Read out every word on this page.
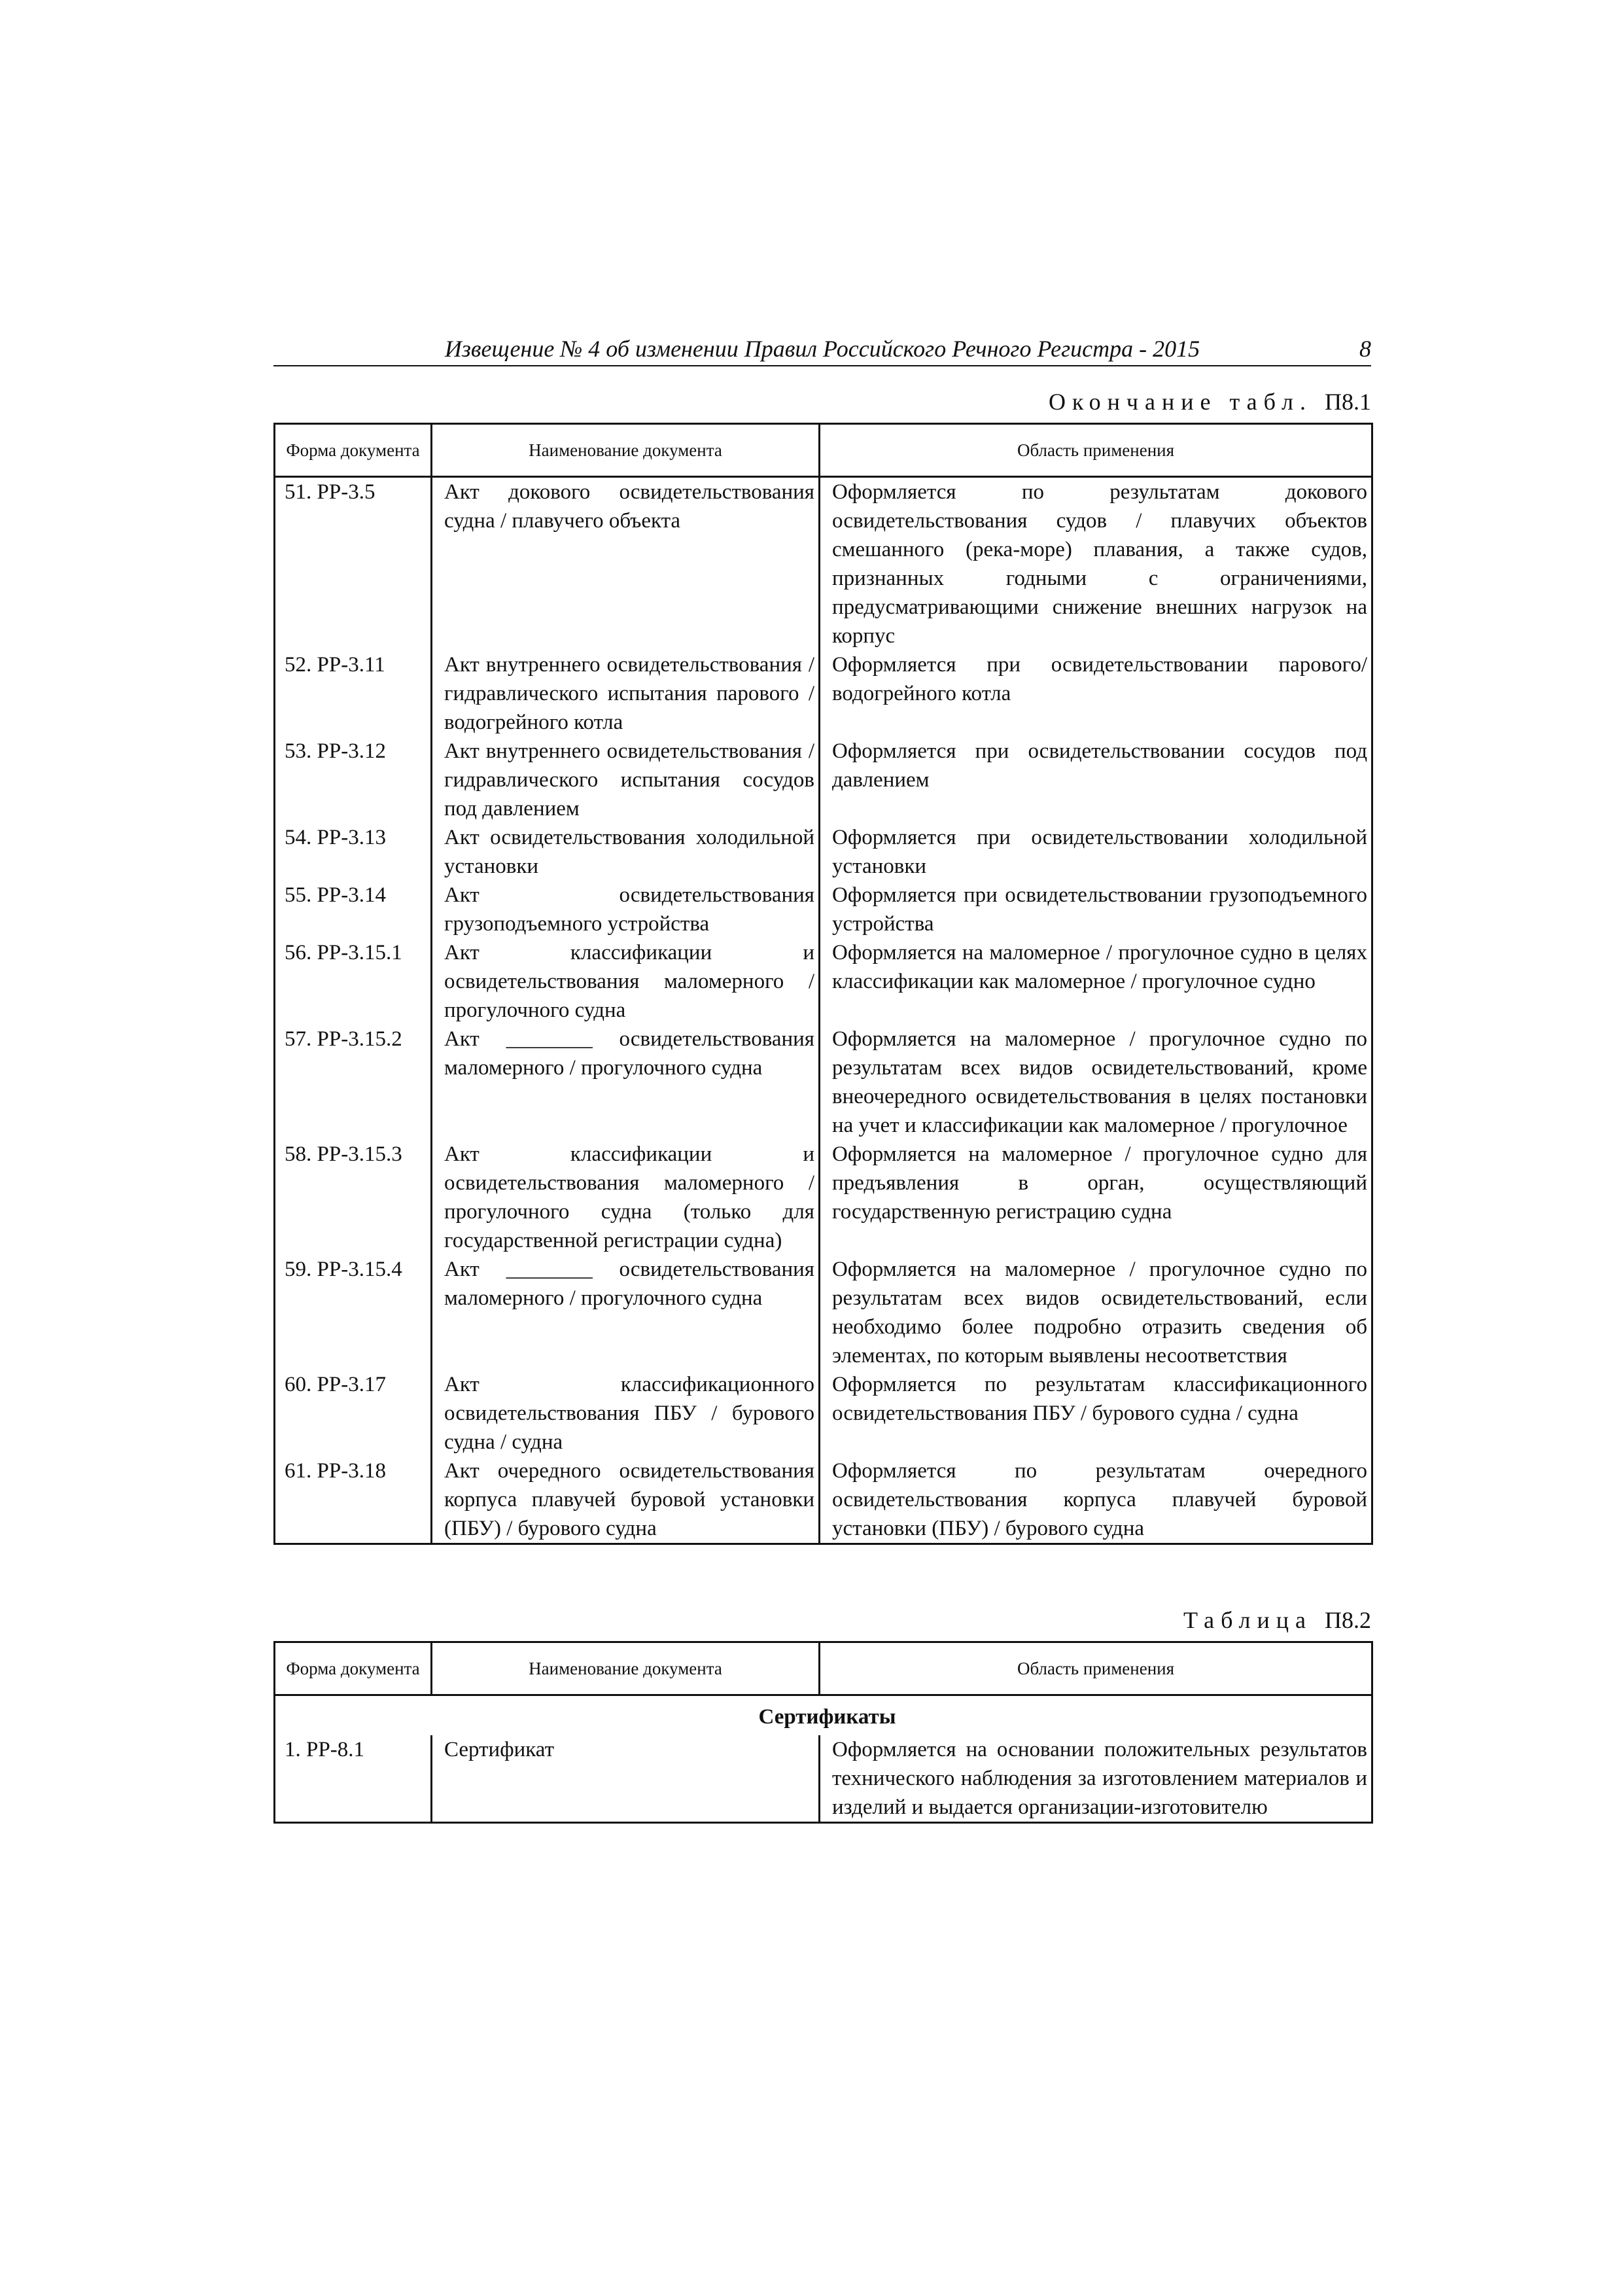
Извещение № 4 об изменении Правил Российского Речного Регистра - 2015	8
Окончание табл. П8.1
Форма документа	Наименование документа	Область применения
51. РР-3.5	Акт докового освидетельствования судна / плавучего объекта	Оформляется по результатам докового освидетельствования судов / плавучих объектов смешанного (река-море) плавания, а также судов, признанных годными с ограничениями, предусматривающими снижение внешних нагрузок на корпус
52. РР-3.11	Акт внутреннего освидетельствования / гидравлического испытания парового / водогрейного котла	Оформляется при освидетельствовании парового/водогрейного котла
53. РР-3.12	Акт внутреннего освидетельствования / гидравлического испытания сосудов под давлением	Оформляется при освидетельствовании сосудов под давлением
54. РР-3.13	Акт освидетельствования холодильной установки	Оформляется при освидетельствовании холодильной установки
55. РР-3.14	Акт освидетельствования грузоподъемного устройства	Оформляется при освидетельствовании грузоподъемного устройства
56. РР-3.15.1	Акт классификации и освидетельствования маломерного / прогулочного судна	Оформляется на маломерное / прогулочное судно в целях классификации как маломерное / прогулочное судно
57. РР-3.15.2	Акт ________ освидетельствования маломерного / прогулочного судна	Оформляется на маломерное / прогулочное судно по результатам всех видов освидетельствований, кроме внеочередного освидетельствования в целях постановки на учет и классификации как маломерное / прогулочное
58. РР-3.15.3	Акт классификации и освидетельствования маломерного / прогулочного судна (только для государственной регистрации судна)	Оформляется на маломерное / прогулочное судно для предъявления в орган, осуществляющий государственную регистрацию судна
59. РР-3.15.4	Акт ________ освидетельствования маломерного / прогулочного судна	Оформляется на маломерное / прогулочное судно по результатам всех видов освидетельствований, если необходимо более подробно отразить сведения об элементах, по которым выявлены несоответствия
60. РР-3.17	Акт классификационного освидетельствования ПБУ / бурового судна / судна	Оформляется по результатам классификационного освидетельствования ПБУ / бурового судна / судна
61. РР-3.18	Акт очередного освидетельствования корпуса плавучей буровой установки (ПБУ) / бурового судна	Оформляется по результатам очередного освидетельствования корпуса плавучей буровой установки (ПБУ) / бурового судна
Таблица П8.2
Форма документа	Наименование документа	Область применения
Сертификаты		
1. РР-8.1	Сертификат	Оформляется на основании положительных результатов технического наблюдения за изготовлением материалов и изделий и выдается организации-изготовителю
